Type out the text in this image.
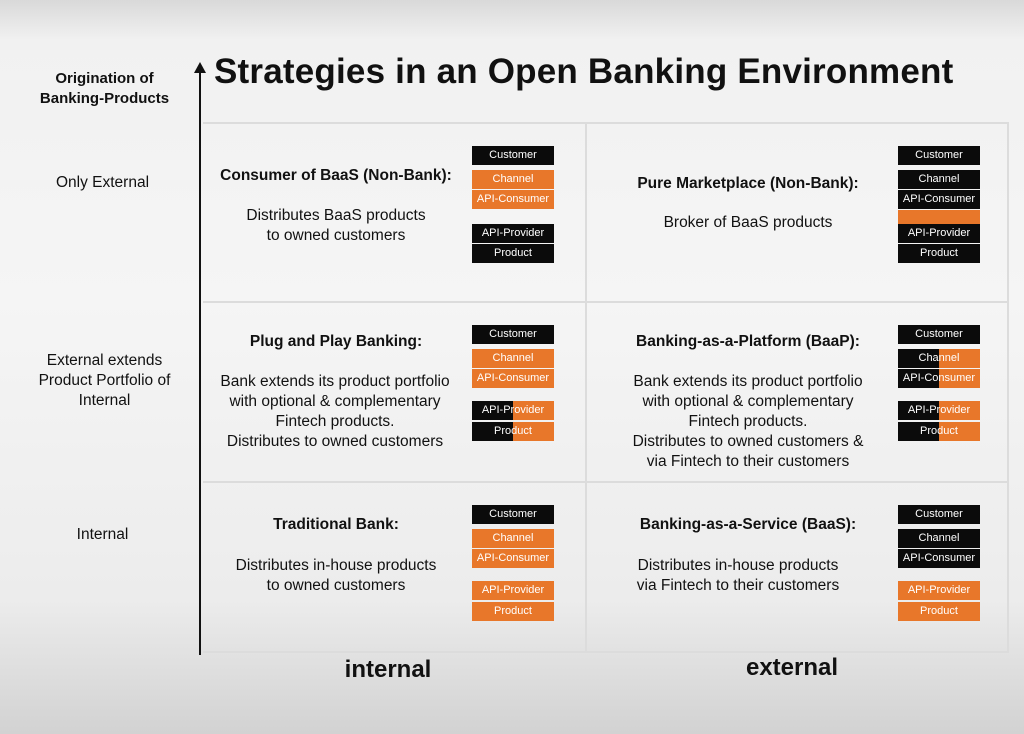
Strategies in an Open Banking Environment
Origination of Banking-Products
Only External
External extends Product Portfolio of Internal
Internal
internal	external
Consumer of BaaS (Non-Bank):
Distributes BaaS products
to owned customers
Customer
Channel
API-Consumer
API-Provider
Product
Pure Marketplace (Non-Bank):
Broker of BaaS products
Customer
Channel
API-Consumer
API-Provider
Product
Plug and Play Banking:
Bank extends its product portfolio
with optional & complementary
Fintech products.
Distributes to owned customers
Customer
Channel
API-Consumer
API-Provider
Product
Banking-as-a-Platform (BaaP):
Bank extends its product portfolio
with optional & complementary
Fintech products.
Distributes to owned customers &
via Fintech to their customers
Customer
Channel
API-Consumer
API-Provider
Product
Traditional Bank:
Distributes in-house products
to owned customers
Customer
Channel
API-Consumer
API-Provider
Product
Banking-as-a-Service (BaaS):
Distributes in-house products
via Fintech to their customers
Customer
Channel
API-Consumer
API-Provider
Product
